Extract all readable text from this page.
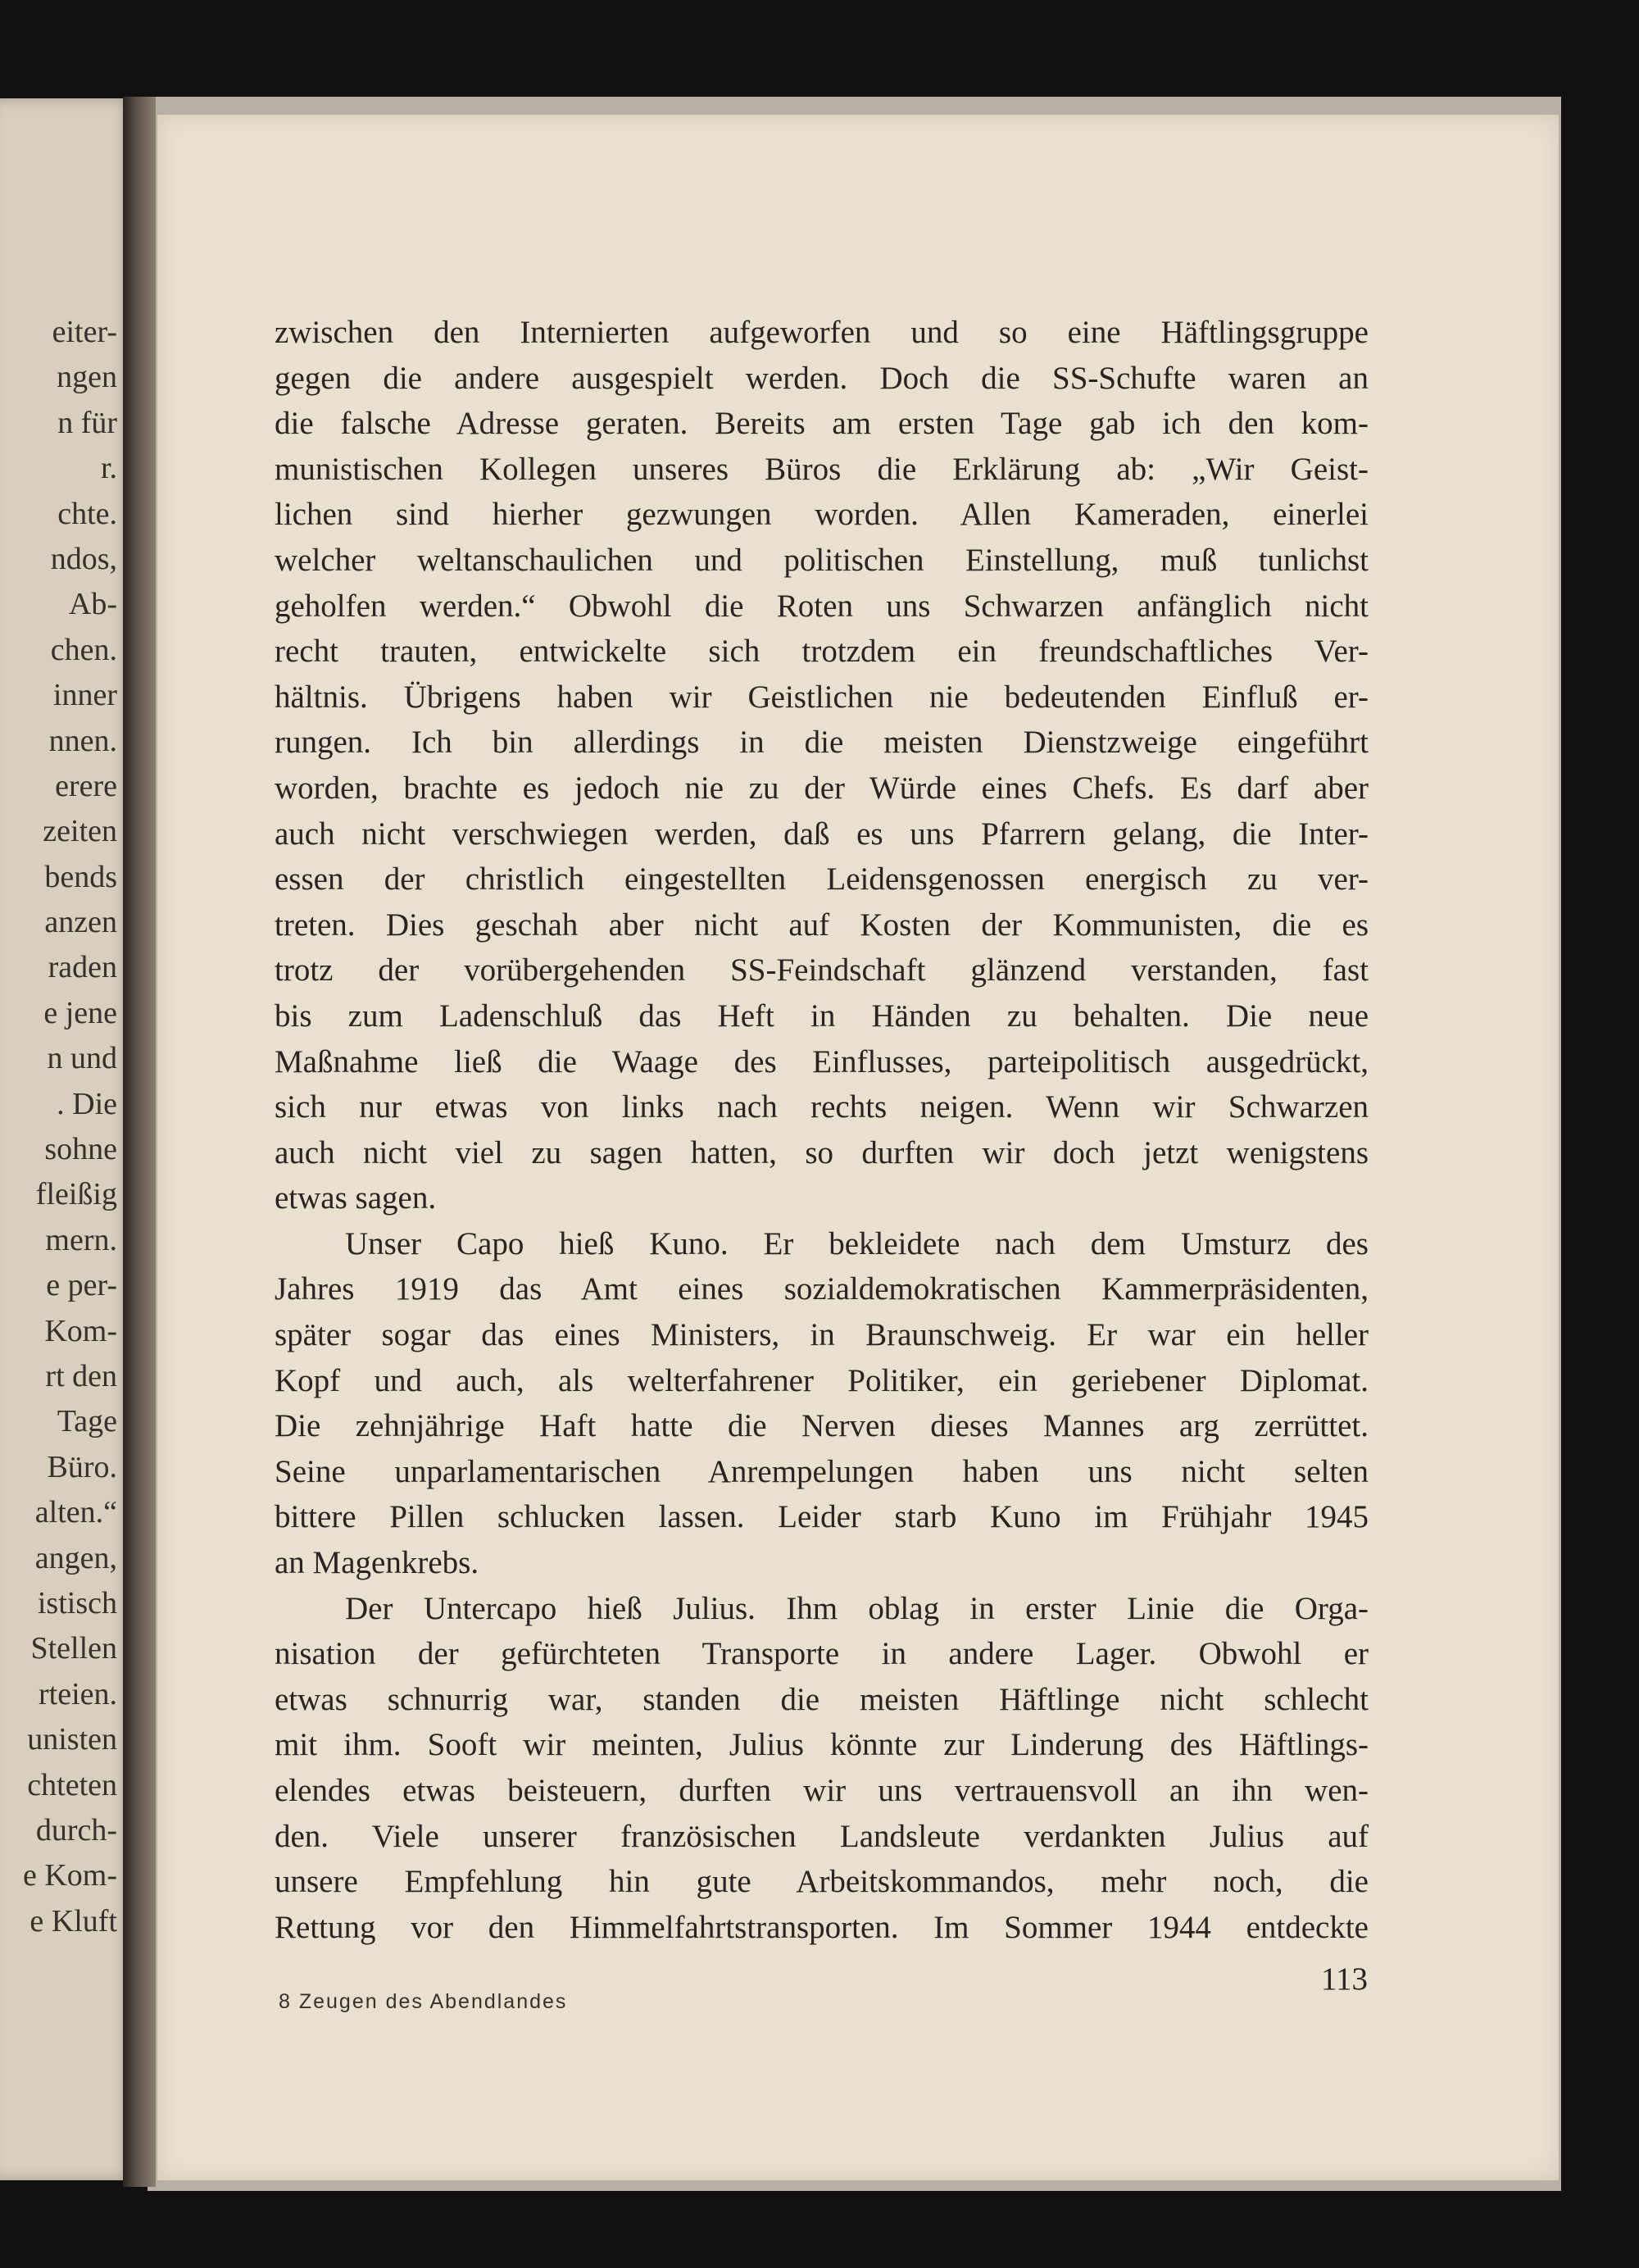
eiter-
ngen
n für
r.
chte.
ndos,
Ab-
chen.
inner
nnen.
erere
zeiten
bends
anzen
raden
e jene
n und
. Die
sohne
fleißig
mern.
e per-
Kom-
rt den
Tage
Büro.
alten.“
angen,
istisch
Stellen
rteien.
unisten
chteten
durch-
e Kom-
e Kluft
zwischen den Internierten aufgeworfen und so eine Häftlingsgruppe
gegen die andere ausgespielt werden. Doch die SS-Schufte waren an
die falsche Adresse geraten. Bereits am ersten Tage gab ich den kom-
munistischen Kollegen unseres Büros die Erklärung ab: „Wir Geist-
lichen sind hierher gezwungen worden. Allen Kameraden, einerlei
welcher weltanschaulichen und politischen Einstellung, muß tunlichst
geholfen werden.“ Obwohl die Roten uns Schwarzen anfänglich nicht
recht trauten, entwickelte sich trotzdem ein freundschaftliches Ver-
hältnis. Übrigens haben wir Geistlichen nie bedeutenden Einfluß er-
rungen. Ich bin allerdings in die meisten Dienstzweige eingeführt
worden, brachte es jedoch nie zu der Würde eines Chefs. Es darf aber
auch nicht verschwiegen werden, daß es uns Pfarrern gelang, die Inter-
essen der christlich eingestellten Leidensgenossen energisch zu ver-
treten. Dies geschah aber nicht auf Kosten der Kommunisten, die es
trotz der vorübergehenden SS-Feindschaft glänzend verstanden, fast
bis zum Ladenschluß das Heft in Händen zu behalten. Die neue
Maßnahme ließ die Waage des Einflusses, parteipolitisch ausgedrückt,
sich nur etwas von links nach rechts neigen. Wenn wir Schwarzen
auch nicht viel zu sagen hatten, so durften wir doch jetzt wenigstens
etwas sagen.
Unser Capo hieß Kuno. Er bekleidete nach dem Umsturz des
Jahres 1919 das Amt eines sozialdemokratischen Kammerpräsidenten,
später sogar das eines Ministers, in Braunschweig. Er war ein heller
Kopf und auch, als welterfahrener Politiker, ein geriebener Diplomat.
Die zehnjährige Haft hatte die Nerven dieses Mannes arg zerrüttet.
Seine unparlamentarischen Anrempelungen haben uns nicht selten
bittere Pillen schlucken lassen. Leider starb Kuno im Frühjahr 1945
an Magenkrebs.
Der Untercapo hieß Julius. Ihm oblag in erster Linie die Orga-
nisation der gefürchteten Transporte in andere Lager. Obwohl er
etwas schnurrig war, standen die meisten Häftlinge nicht schlecht
mit ihm. Sooft wir meinten, Julius könnte zur Linderung des Häftlings-
elendes etwas beisteuern, durften wir uns vertrauensvoll an ihn wen-
den. Viele unserer französischen Landsleute verdankten Julius auf
unsere Empfehlung hin gute Arbeitskommandos, mehr noch, die
Rettung vor den Himmelfahrtstransporten. Im Sommer 1944 entdeckte
8 Zeugen des Abendlandes
113
